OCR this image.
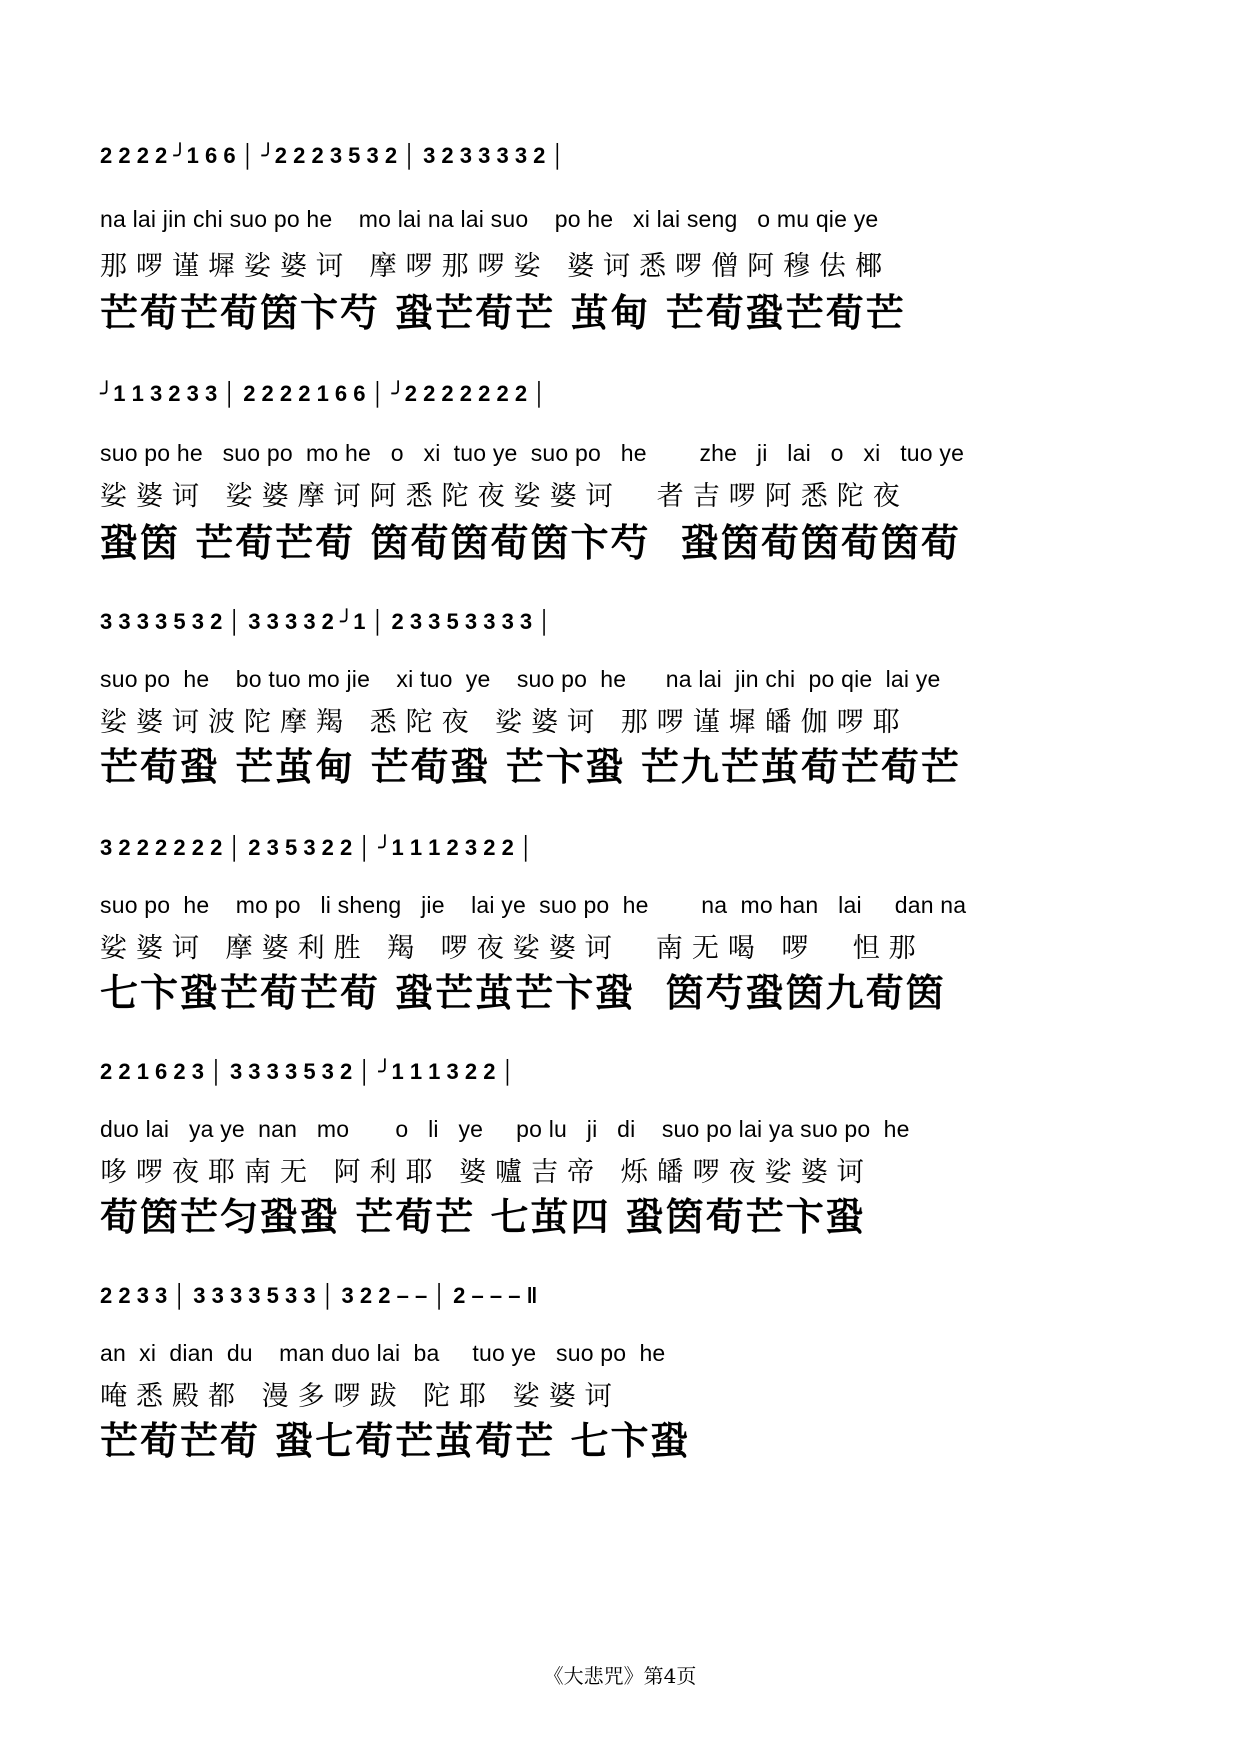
2 2 2 2 ╯1 6 6 │ ╯2 2 2 3 5 3 2 │ 3 2 3 3 3 3 2 │
na lai jin chi suo po he    mo lai na lai suo    po he   xi lai seng   o mu qie ye
那啰谨墀娑婆诃 摩啰那啰娑 婆诃悉啰僧阿穆佉椰
芒荀芒荀筃卞芍 蛩芒荀芒 茧甸 芒荀蛩芒荀芒
╯1 1 3 2 3 3 │ 2 2 2 2 1 6 6 │ ╯2 2 2 2 2 2 2 │
suo po he   suo po  mo he   o   xi  tuo ye  suo po   he        zhe   ji   lai   o   xi   tuo ye
娑婆诃 娑婆摩诃阿悉陀夜娑婆诃  者吉啰阿悉陀夜
蛩筃 芒荀芒荀 筃荀筃荀筃卞芍  蛩筃荀筃荀筃荀
3 3 3 3 5 3 2 │ 3 3 3 3 2 ╯1 │ 2 3 3 5 3 3 3 3 │
suo po  he    bo tuo mo jie    xi tuo  ye    suo po  he      na lai  jin chi  po qie  lai ye
娑婆诃波陀摩羯 悉陀夜 娑婆诃 那啰谨墀皤伽啰耶
芒荀蛩 芒茧甸 芒荀蛩 芒卞蛩 芒九芒茧荀芒荀芒
3 2 2 2 2 2 2 │ 2 3 5 3 2 2 │ ╯1 1 1 2 3 2 2 │
suo po  he    mo po   li sheng   jie    lai ye  suo po  he        na  mo han   lai     dan na
娑婆诃 摩婆利胜 羯 啰夜娑婆诃  南无喝 啰  怛那
七卞蛩芒荀芒荀 蛩芒茧芒卞蛩  筃芍蛩筃九荀筃
2 2 1 6 2 3 │ 3 3 3 3 5 3 2 │ ╯1 1 1 3 2 2 │
duo lai   ya ye  nan   mo       o   li   ye     po lu   ji   di    suo po lai ya suo po  he
哆啰夜耶南无 阿利耶 婆嚧吉帝 烁皤啰夜娑婆诃
荀筃芒匀蛩蛩 芒荀芒 七茧四 蛩筃荀芒卞蛩
2 2 3 3 │ 3 3 3 3 5 3 3 │ 3 2 2 – – │ 2 – – – ‖
an  xi  dian  du    man duo lai  ba     tuo ye   suo po  he
唵悉殿都 漫多啰跋 陀耶 娑婆诃
芒荀芒荀 蛩七荀芒茧荀芒 七卞蛩
《大悲咒》第4页
